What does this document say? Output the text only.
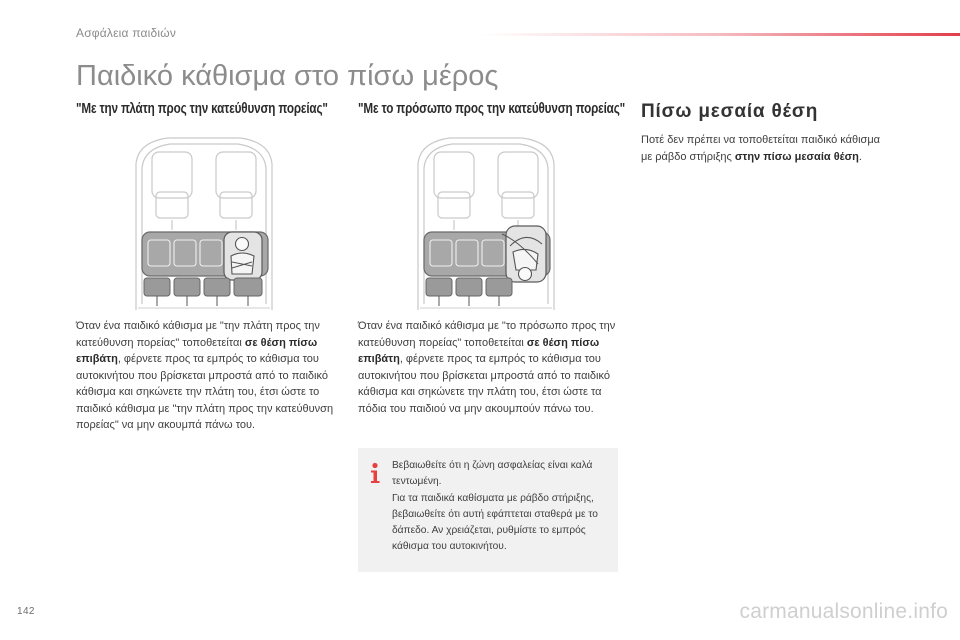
Ασφάλεια παιδιών
Παιδικό κάθισμα στο πίσω μέρος
"Με την πλάτη προς την κατεύθυνση πορείας" "Με το πρόσωπο προς την κατεύθυνση πορείας" Πίσω μεσαία θέση
Όταν ένα παιδικό κάθισμα με "την πλάτη προς την κατεύθυνση πορείας" τοποθετείται σε θέση πίσω επιβάτη, φέρνετε προς τα εμπρός το κάθισμα του αυτοκινήτου που βρίσκεται μπροστά από το παιδικό κάθισμα και σηκώνετε την πλάτη του, έτσι ώστε το παιδικό κάθισμα με "την πλάτη προς την κατεύθυνση πορείας" να μην ακουμπά πάνω του.
Όταν ένα παιδικό κάθισμα με "το πρόσωπο προς την κατεύθυνση πορείας" τοποθετείται σε θέση πίσω επιβάτη, φέρνετε προς τα εμπρός το κάθισμα του αυτοκινήτου που βρίσκεται μπροστά από το παιδικό κάθισμα και σηκώνετε την πλάτη του, έτσι ώστε τα πόδια του παιδιού να μην ακουμπούν πάνω του.
Ποτέ δεν πρέπει να τοποθετείται παιδικό κάθισμα με ράβδο στήριξης στην πίσω μεσαία θέση.
Βεβαιωθείτε ότι η ζώνη ασφαλείας είναι καλά τεντωμένη.
Για τα παιδικά καθίσματα με ράβδο στήριξης, βεβαιωθείτε ότι αυτή εφάπτεται σταθερά με το δάπεδο. Αν χρειάζεται, ρυθμίστε το εμπρός κάθισμα του αυτοκινήτου.
142	carmanualsonline.info
